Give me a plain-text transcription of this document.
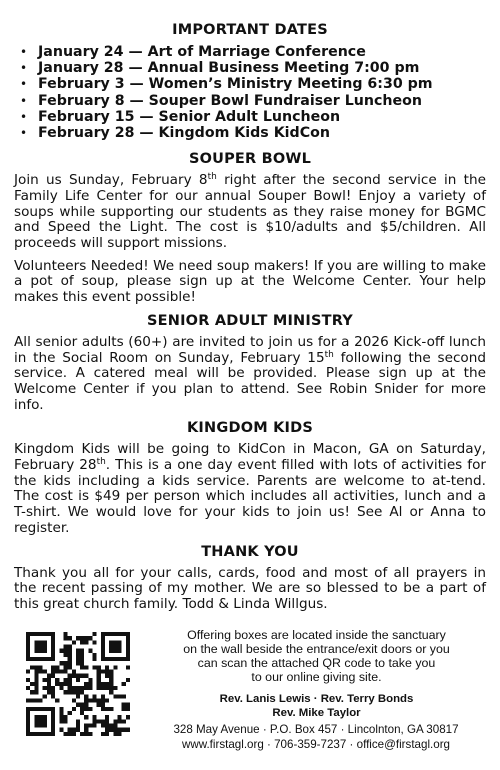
IMPORTANT DATES
• January 24 — Art of Marriage Conference
• January 28 — Annual Business Meeting 7:00 pm
• February 3 — Women’s Ministry Meeting 6:30 pm
• February 8 — Souper Bowl Fundraiser Luncheon
• February 15 — Senior Adult Luncheon
• February 28 — Kingdom Kids KidCon
SOUPER BOWL

Join us Sunday, February 8th right after the second service in the Family Life Center for our annual Souper Bowl! Enjoy a variety of soups while supporting our students as they raise money for BGMC and Speed the Light. The cost is $10/adults and $5/children. All proceeds will support missions.

Volunteers Needed! We need soup makers! If you are willing to make a pot of soup, please sign up at the Welcome Center. Your help makes this event possible!

SENIOR ADULT MINISTRY

All senior adults (60+) are invited to join us for a 2026 Kick-off lunch in the Social Room on Sunday, February 15th following the second service. A catered meal will be provided. Please sign up at the Welcome Center if you plan to attend. See Robin Snider for more info.

KINGDOM KIDS

Kingdom Kids will be going to KidCon in Macon, GA on Saturday, February 28th. This is a one day event filled with lots of activities for the kids including a kids service. Parents are welcome to at-tend. The cost is $49 per person which includes all activities, lunch and a T-shirt. We would love for your kids to join us! See Al or Anna to register.

THANK YOU

Thank you all for your calls, cards, food and most of all prayers in the recent passing of my mother. We are so blessed to be a part of this great church family. Todd & Linda Willgus.

Offering boxes are located inside the sanctuary
on the wall beside the entrance/exit doors or you
can scan the attached QR code to take you
to our online giving site.
Rev. Lanis Lewis · Rev. Terry Bonds
Rev. Mike Taylor
328 May Avenue · P.O. Box 457 · Lincolnton, GA 30817
www.firstagl.org · 706-359-7237 · office@firstagl.org
